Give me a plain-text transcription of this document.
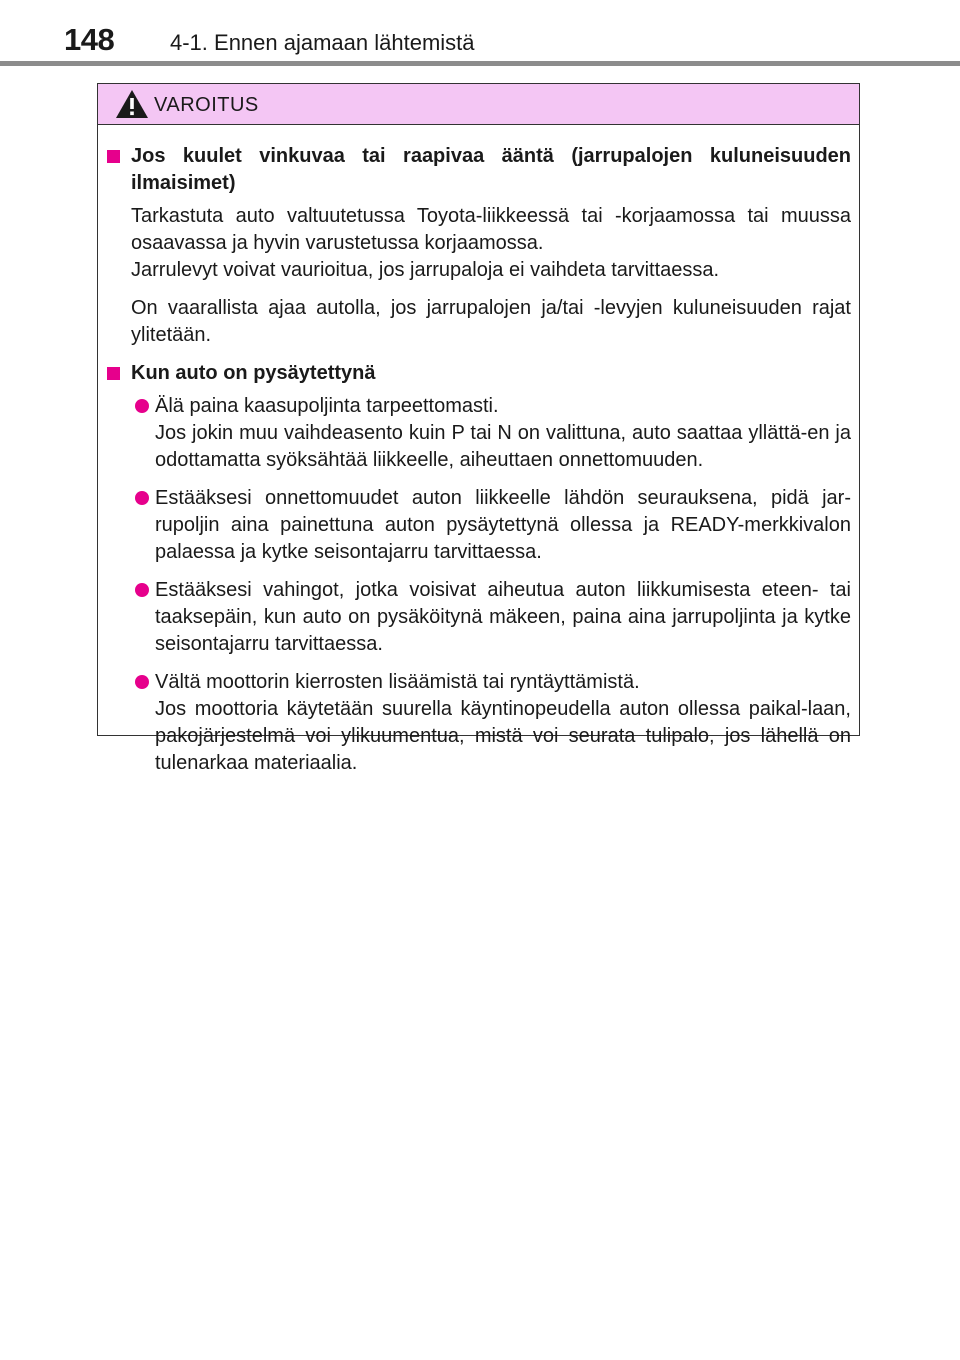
148	4-1. Ennen ajamaan lähtemistä
VAROITUS
Jos kuulet vinkuvaa tai raapivaa ääntä (jarrupalojen kuluneisuuden ilmaisimet)
Tarkastuta auto valtuutetussa Toyota-liikkeessä tai -korjaamossa tai muussa osaavassa ja hyvin varustetussa korjaamossa.
Jarrulevyt voivat vaurioitua, jos jarrupaloja ei vaihdeta tarvittaessa.
On vaarallista ajaa autolla, jos jarrupalojen ja/tai -levyjen kuluneisuuden rajat ylitetään.
Kun auto on pysäytettynä
Älä paina kaasupoljinta tarpeettomasti.
Jos jokin muu vaihdeasento kuin P tai N on valittuna, auto saattaa yllättä-en ja odottamatta syöksähtää liikkeelle, aiheuttaen onnettomuuden.
Estääksesi onnettomuudet auton liikkeelle lähdön seurauksena, pidä jar-rupoljin aina painettuna auton pysäytettynä ollessa ja READY-merkkivalon palaessa ja kytke seisontajarru tarvittaessa.
Estääksesi vahingot, jotka voisivat aiheutua auton liikkumisesta eteen- tai taaksepäin, kun auto on pysäköitynä mäkeen, paina aina jarrupoljinta ja kytke seisontajarru tarvittaessa.
Vältä moottorin kierrosten lisäämistä tai ryntäyttämistä.
Jos moottoria käytetään suurella käyntinopeudella auton ollessa paikal-laan, pakojärjestelmä voi ylikuumentua, mistä voi seurata tulipalo, jos lähellä on tulenarkaa materiaalia.
